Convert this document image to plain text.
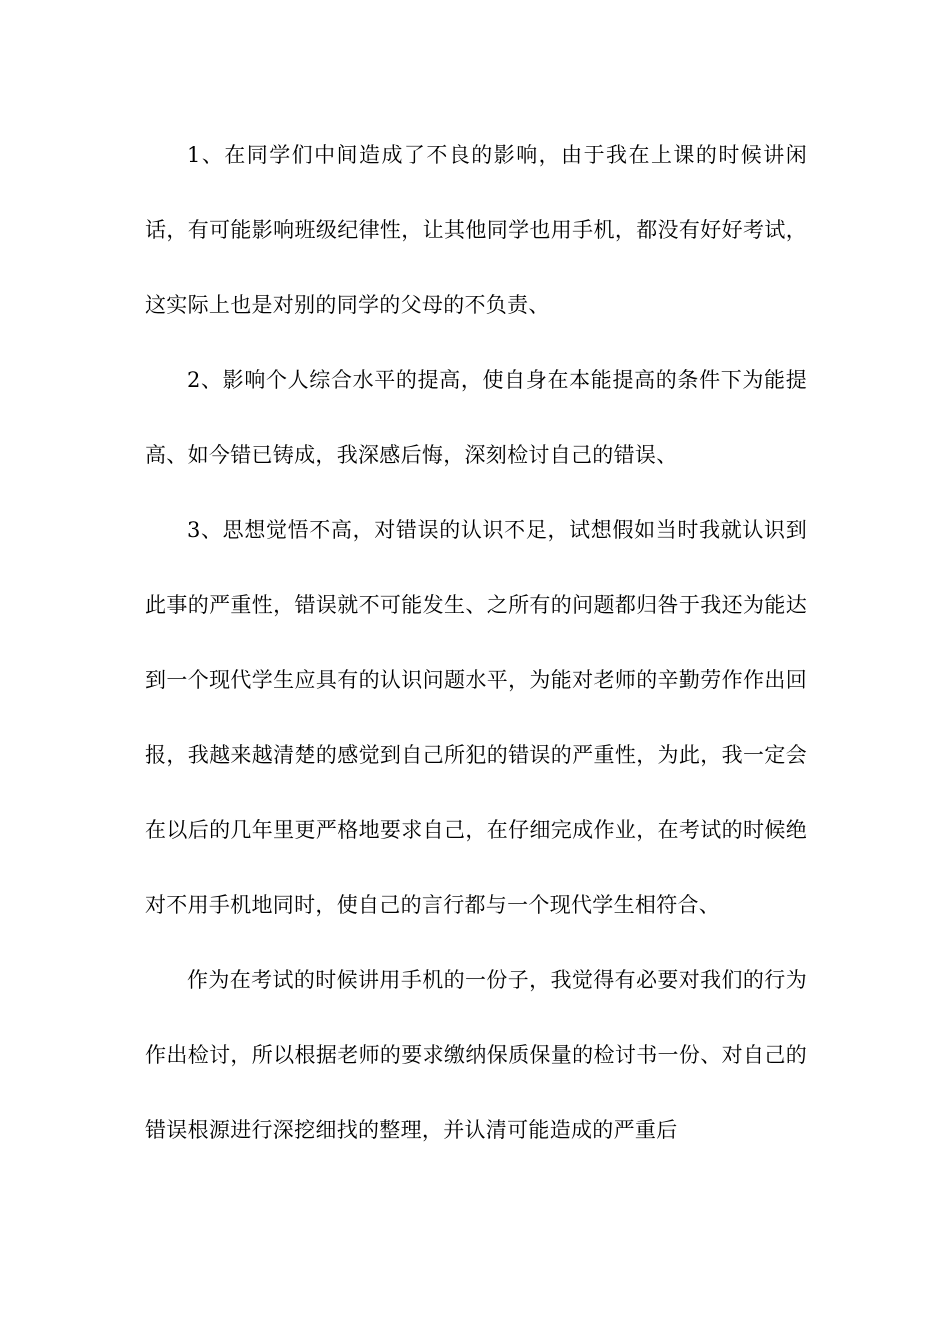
1、在同学们中间造成了不良的影响，由于我在上课的时候讲闲话，有可能影响班级纪律性，让其他同学也用手机，都没有好好考试，这实际上也是对别的同学的父母的不负责、

2、影响个人综合水平的提高，使自身在本能提高的条件下为能提高、如今错已铸成，我深感后悔，深刻检讨自己的错误、

3、思想觉悟不高，对错误的认识不足，试想假如当时我就认识到此事的严重性，错误就不可能发生、之所有的问题都归咎于我还为能达到一个现代学生应具有的认识问题水平，为能对老师的辛勤劳作作出回报，我越来越清楚的感觉到自己所犯的错误的严重性，为此，我一定会在以后的几年里更严格地要求自己，在仔细完成作业，在考试的时候绝对不用手机地同时，使自己的言行都与一个现代学生相符合、

作为在考试的时候讲用手机的一份子，我觉得有必要对我们的行为作出检讨，所以根据老师的要求缴纳保质保量的检讨书一份、对自己的错误根源进行深挖细找的整理，并认清可能造成的严重后
